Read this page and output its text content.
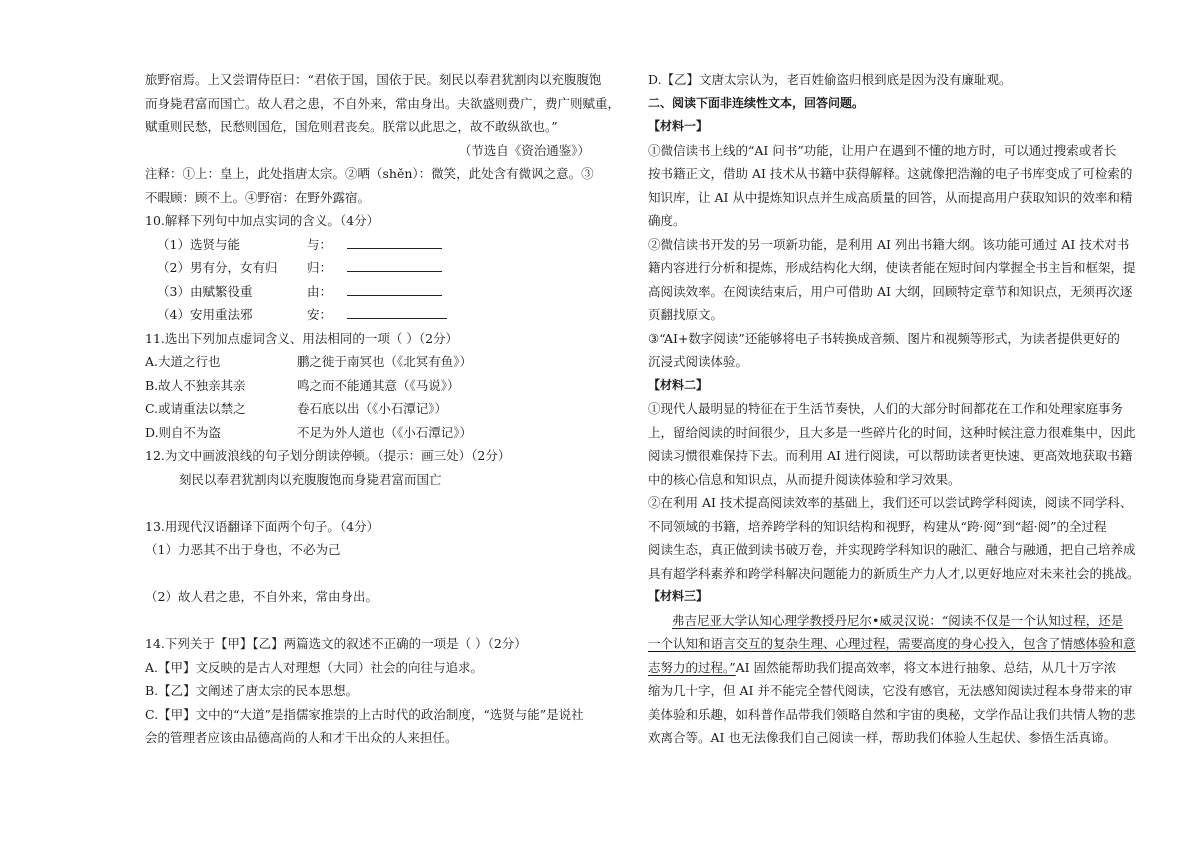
旅野宿焉。上又尝谓侍臣曰：“君依于国，国依于民。刻民以奉君犹割肉以充腹腹饱
而身毙君富而国亡。故人君之患，不自外来，常由身出。夫欲盛则费广，费广则赋重，
赋重则民愁，民愁则国危，国危则君丧矣。朕常以此思之，故不敢纵欲也。”
（节选自《资治通鉴》）
注释：①上：皇上，此处指唐太宗。②哂（shěn）：微笑，此处含有微讽之意。③
不暇顾：顾不上。④野宿：在野外露宿。
10.解释下列句中加点实词的含义。（4分）
（1）选贤与能	与：
（2）男有分，女有归	归：
（3）由赋繁役重	由：
（4）安用重法邪	安：
11.选出下列加点虚词含义、用法相同的一项（ ）（2分）
A.大道之行也	鹏之徙于南冥也（《北冥有鱼》）
B.故人不独亲其亲	鸣之而不能通其意（《马说》）
C.或请重法以禁之	卷石底以出（《小石潭记》）
D.则自不为盗	不足为外人道也（《小石潭记》）
12.为文中画波浪线的句子划分朗读停顿。（提示：画三处）（2分）
刻民以奉君犹割肉以充腹腹饱而身毙君富而国亡
13.用现代汉语翻译下面两个句子。（4分）
（1）力恶其不出于身也，不必为己
（2）故人君之患，不自外来，常由身出。
14.下列关于【甲】【乙】两篇选文的叙述不正确的一项是（ ）（2分）
A.【甲】文反映的是古人对理想（大同）社会的向往与追求。
B.【乙】文阐述了唐太宗的民本思想。
C.【甲】文中的“大道”是指儒家推崇的上古时代的政治制度，“选贤与能”是说社
会的管理者应该由品德高尚的人和才干出众的人来担任。
D.【乙】文唐太宗认为，老百姓偷盗归根到底是因为没有廉耻观。
二、阅读下面非连续性文本，回答问题。
【材料一】
①微信读书上线的“AI 问书”功能，让用户在遇到不懂的地方时，可以通过搜索或者长
按书籍正文，借助 AI 技术从书籍中获得解释。这就像把浩瀚的电子书库变成了可检索的
知识库，让 AI 从中提炼知识点并生成高质量的回答，从而提高用户获取知识的效率和精
确度。
②微信读书开发的另一项新功能，是利用 AI 列出书籍大纲。该功能可通过 AI 技术对书
籍内容进行分析和提炼，形成结构化大纲，使读者能在短时间内掌握全书主旨和框架，提
高阅读效率。在阅读结束后，用户可借助 AI 大纲，回顾特定章节和知识点，无须再次逐
页翻找原文。
③“AI+数字阅读”还能够将电子书转换成音频、图片和视频等形式，为读者提供更好的
沉浸式阅读体验。
【材料二】
①现代人最明显的特征在于生活节奏快，人们的大部分时间都花在工作和处理家庭事务
上，留给阅读的时间很少，且大多是一些碎片化的时间，这种时候注意力很难集中，因此
阅读习惯很难保持下去。而利用 AI 进行阅读，可以帮助读者更快速、更高效地获取书籍
中的核心信息和知识点，从而提升阅读体验和学习效果。
②在利用 AI 技术提高阅读效率的基础上，我们还可以尝试跨学科阅读，阅读不同学科、
不同领域的书籍，培养跨学科的知识结构和视野，构建从“跨·阅”到“超·阅”的全过程
阅读生态，真正做到读书破万卷，并实现跨学科知识的融汇、融合与融通，把自己培养成
具有超学科素养和跨学科解决问题能力的新质生产力人才,以更好地应对未来社会的挑战。
【材料三】
弗吉尼亚大学认知心理学教授丹尼尔•威灵汉说：“阅读不仅是一个认知过程，还是
一个认知和语言交互的复杂生理、心理过程，需要高度的身心投入，包含了情感体验和意
志努力的过程。”AI 固然能帮助我们提高效率，将文本进行抽象、总结，从几十万字浓
缩为几十字，但 AI 并不能完全替代阅读，它没有感官，无法感知阅读过程本身带来的审
美体验和乐趣，如科普作品带我们领略自然和宇宙的奥秘，文学作品让我们共情人物的悲
欢离合等。AI 也无法像我们自己阅读一样，帮助我们体验人生起伏、参悟生活真谛。
